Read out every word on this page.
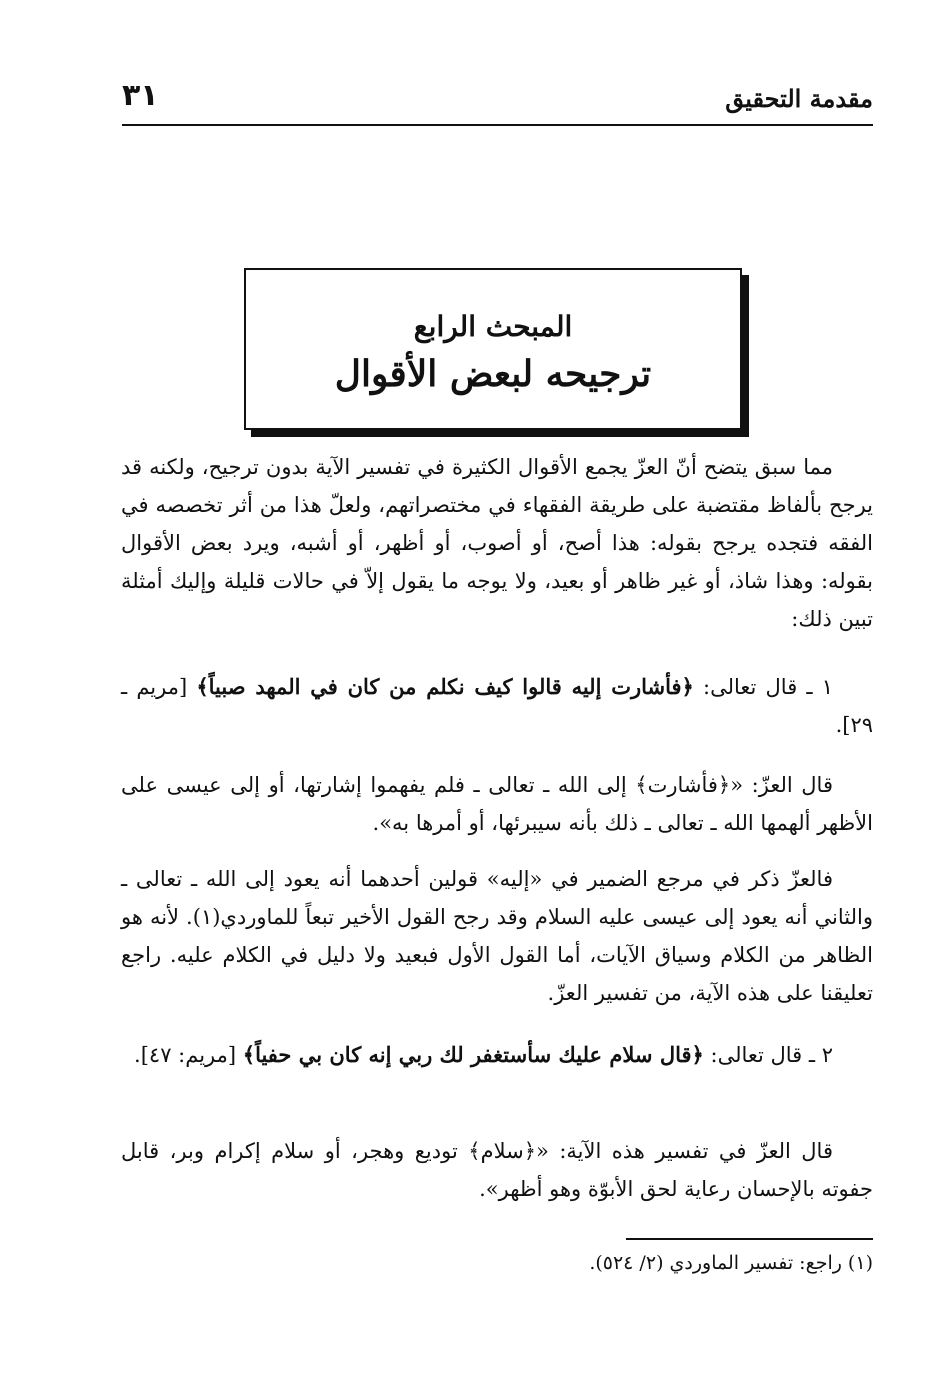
مقدمة التحقيق
٣١
المبحث الرابع
ترجيحه لبعض الأقوال

مما سبق يتضح أنّ العزّ يجمع الأقوال الكثيرة في تفسير الآية بدون ترجيح، ولكنه قد يرجح بألفاظ مقتضبة على طريقة الفقهاء في مختصراتهم، ولعلّ هذا من أثر تخصصه في الفقه فتجده يرجح بقوله: هذا أصح، أو أصوب، أو أظهر، أو أشبه، ويرد بعض الأقوال بقوله: وهذا شاذ، أو غير ظاهر أو بعيد، ولا يوجه ما يقول إلاّ في حالات قليلة وإليك أمثلة تبين ذلك:

١ ـ قال تعالى: ﴿فأشارت إليه قالوا كيف نكلم من كان في المهد صبياً﴾ [مريم ـ ٢٩].

قال العزّ: «﴿فأشارت﴾ إلى الله ـ تعالى ـ فلم يفهموا إشارتها، أو إلى عيسى على الأظهر ألهمها الله ـ تعالى ـ ذلك بأنه سيبرئها، أو أمرها به».

فالعزّ ذكر في مرجع الضمير في «إليه» قولين أحدهما أنه يعود إلى الله ـ تعالى ـ والثاني أنه يعود إلى عيسى عليه السلام وقد رجح القول الأخير تبعاً للماوردي(١). لأنه هو الظاهر من الكلام وسياق الآيات، أما القول الأول فبعيد ولا دليل في الكلام عليه. راجع تعليقنا على هذه الآية، من تفسير العزّ.

٢ ـ قال تعالى: ﴿قال سلام عليك سأستغفر لك ربي إنه كان بي حفياً﴾ [مريم: ٤٧].

قال العزّ في تفسير هذه الآية: «﴿سلام﴾ توديع وهجر، أو سلام إكرام وبر، قابل جفوته بالإحسان رعاية لحق الأبوّة وهو أظهر».

(١) راجع: تفسير الماوردي (٢/ ٥٢٤).
